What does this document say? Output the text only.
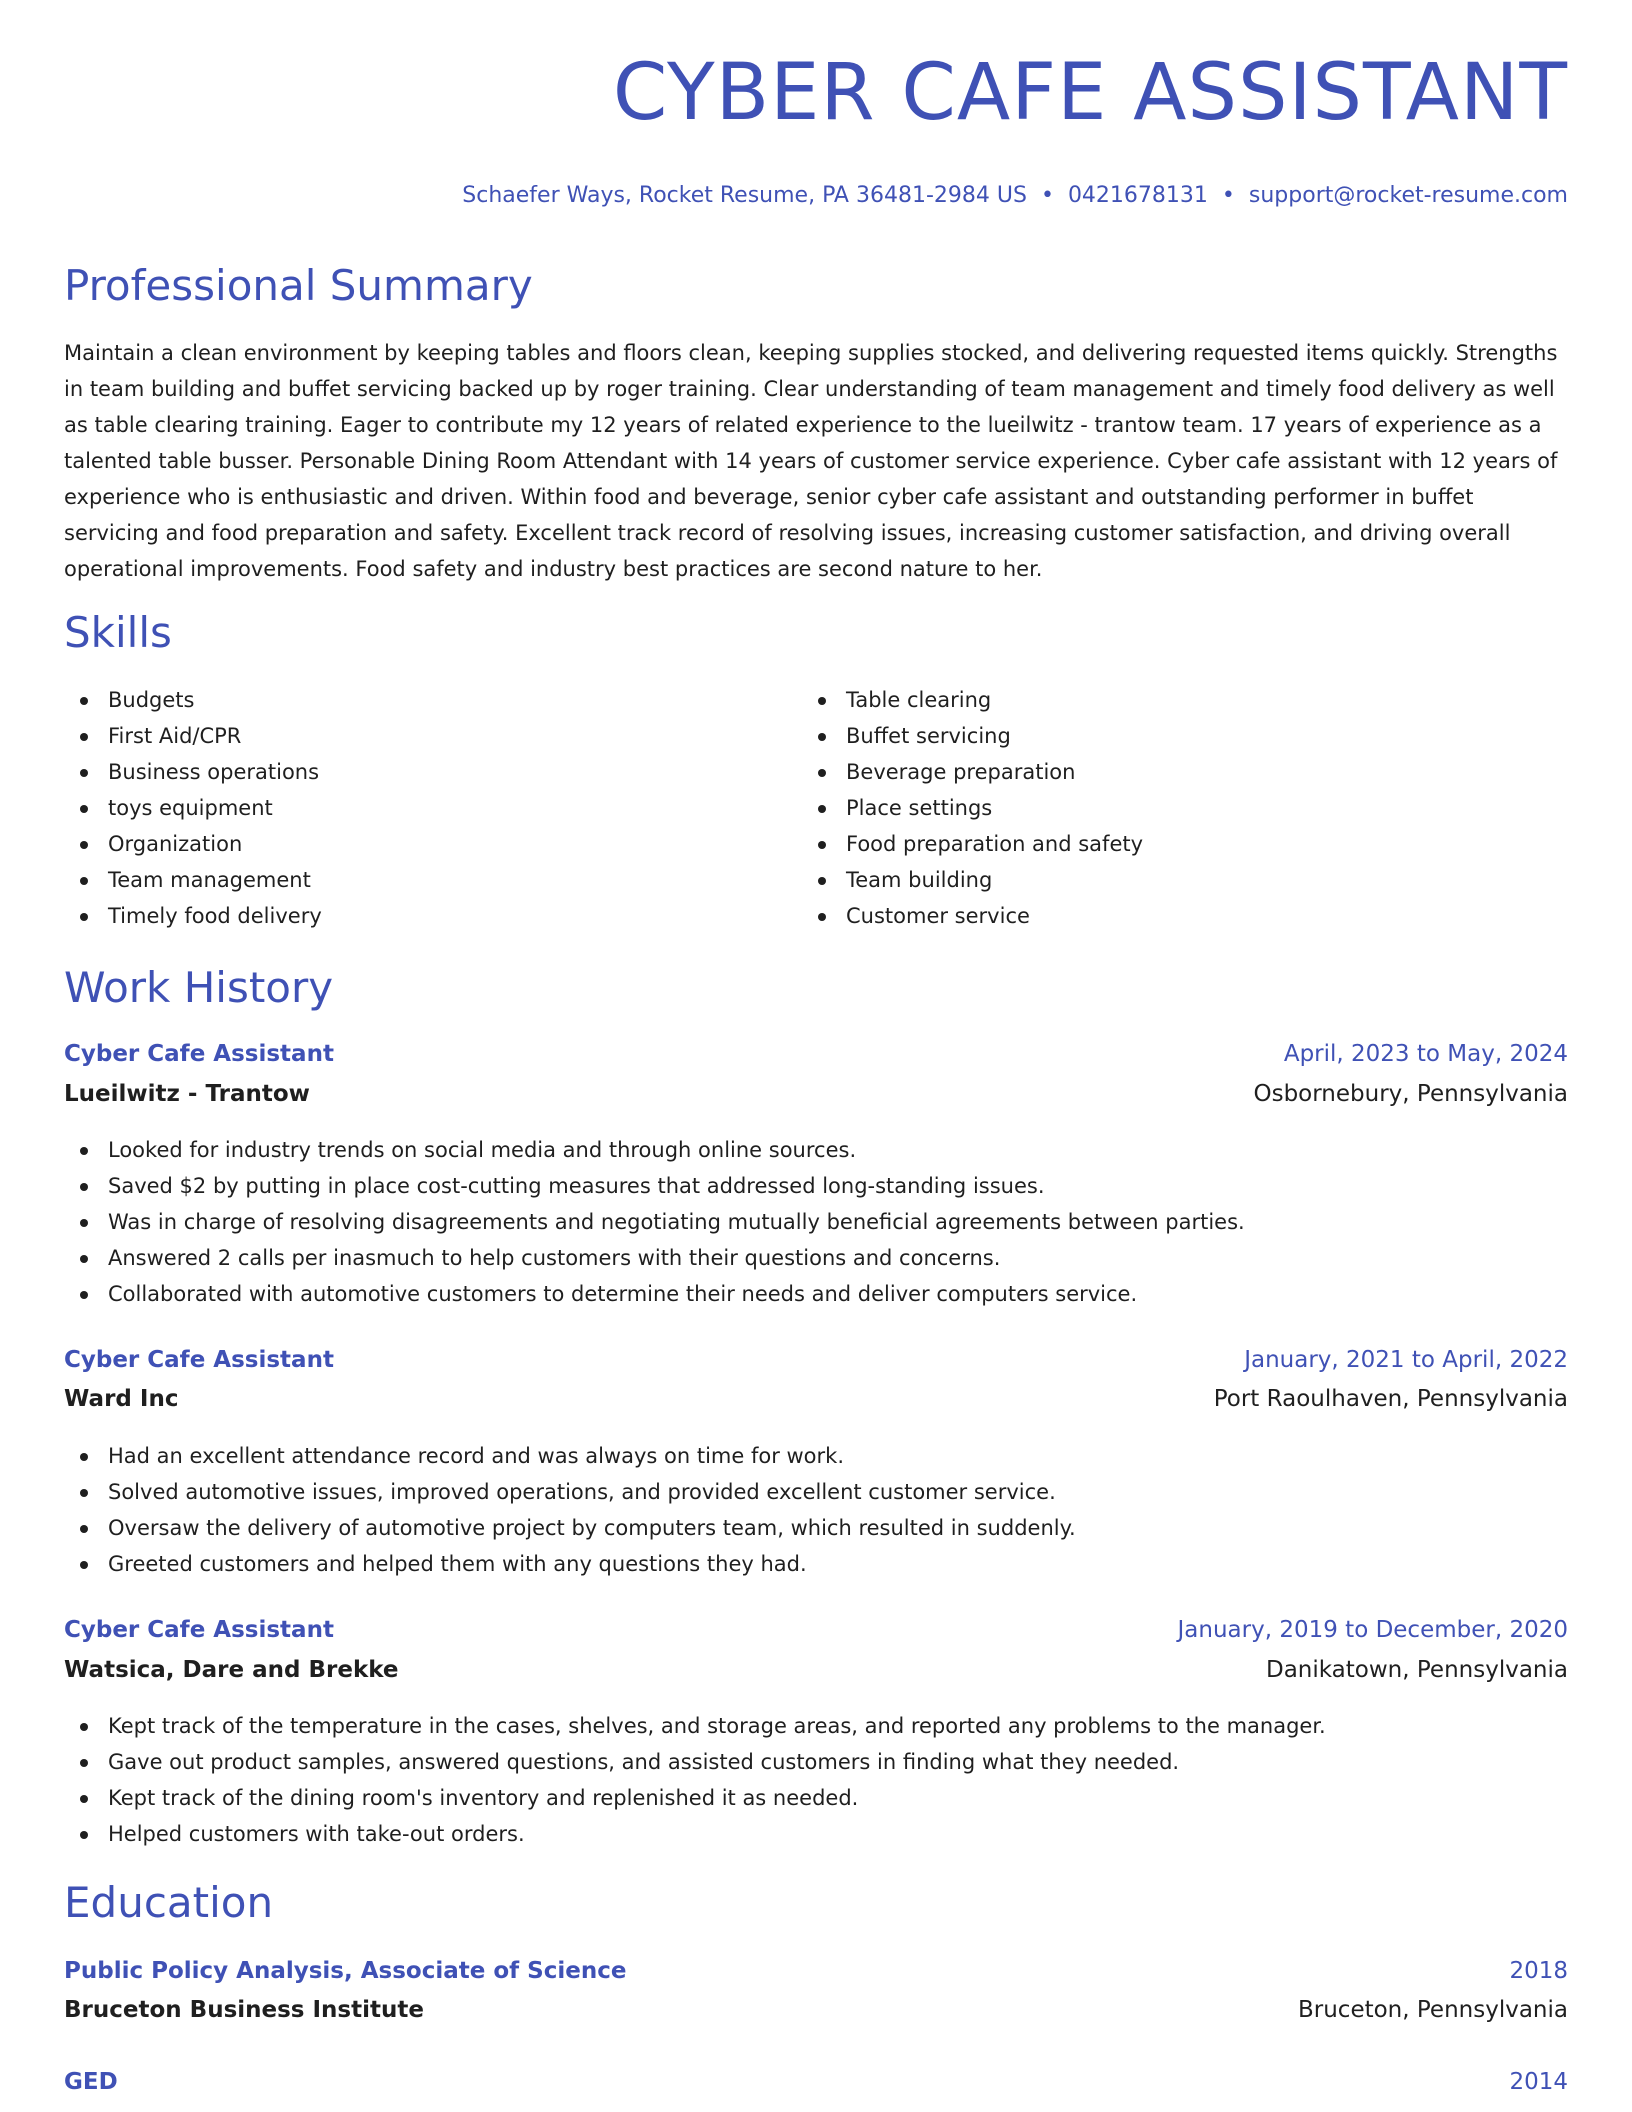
CYBER CAFE ASSISTANT
Schaefer Ways, Rocket Resume, PA 36481-2984 US • 0421678131 • support@rocket-resume.com
Professional Summary

Maintain a clean environment by keeping tables and floors clean, keeping supplies stocked, and delivering requested items quickly. Strengths in team building and buffet servicing backed up by roger training. Clear understanding of team management and timely food delivery as well as table clearing training. Eager to contribute my 12 years of related experience to the lueilwitz - trantow team. 17 years of experience as a talented table busser. Personable Dining Room Attendant with 14 years of customer service experience. Cyber cafe assistant with 12 years of experience who is enthusiastic and driven. Within food and beverage, senior cyber cafe assistant and outstanding performer in buffet servicing and food preparation and safety. Excellent track record of resolving issues, increasing customer satisfaction, and driving overall operational improvements. Food safety and industry best practices are second nature to her.

Skills
Budgets
First Aid/CPR
Business operations
toys equipment
Organization
Team management
Timely food delivery
Table clearing
Buffet servicing
Beverage preparation
Place settings
Food preparation and safety
Team building
Customer service
Work History
Cyber Cafe Assistant	April, 2023 to May, 2024
Lueilwitz - Trantow	Osbornebury, Pennsylvania
Looked for industry trends on social media and through online sources.
Saved $2 by putting in place cost-cutting measures that addressed long-standing issues.
Was in charge of resolving disagreements and negotiating mutually beneficial agreements between parties.
Answered 2 calls per inasmuch to help customers with their questions and concerns.
Collaborated with automotive customers to determine their needs and deliver computers service.
Cyber Cafe Assistant	January, 2021 to April, 2022
Ward Inc	Port Raoulhaven, Pennsylvania
Had an excellent attendance record and was always on time for work.
Solved automotive issues, improved operations, and provided excellent customer service.
Oversaw the delivery of automotive project by computers team, which resulted in suddenly.
Greeted customers and helped them with any questions they had.
Cyber Cafe Assistant	January, 2019 to December, 2020
Watsica, Dare and Brekke	Danikatown, Pennsylvania
Kept track of the temperature in the cases, shelves, and storage areas, and reported any problems to the manager.
Gave out product samples, answered questions, and assisted customers in finding what they needed.
Kept track of the dining room's inventory and replenished it as needed.
Helped customers with take-out orders.
Education
Public Policy Analysis, Associate of Science	2018
Bruceton Business Institute	Bruceton, Pennsylvania
GED	2014
